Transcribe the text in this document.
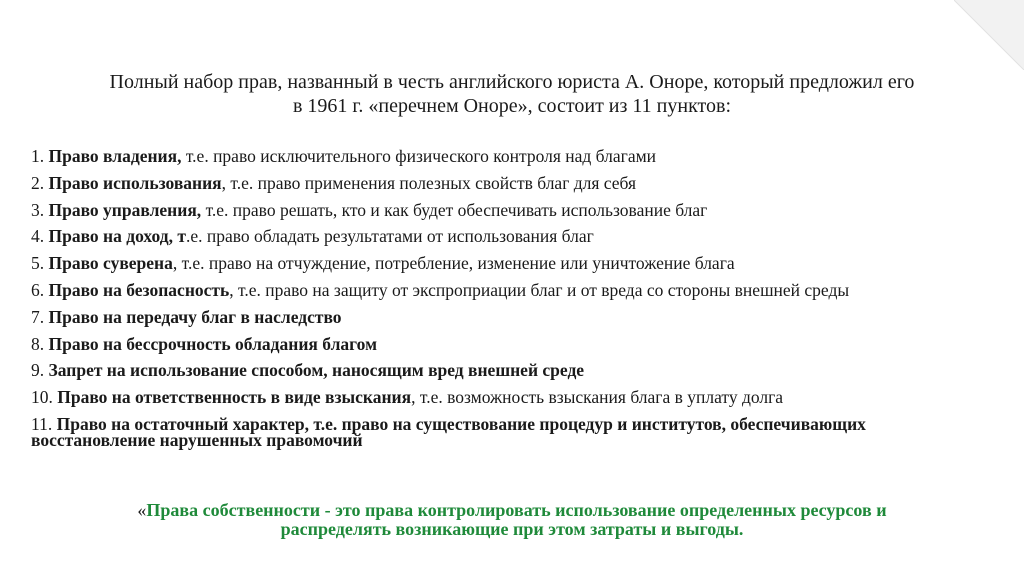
Полный набор прав, названный в честь английского юриста А. Оноре, который предложил его
в 1961 г. «перечнем Оноре», состоит из 11 пунктов:
1. Право владения, т.е. право исключительного физического контроля над благами
2. Право использования, т.е. право применения полезных свойств благ для себя
3. Право управления, т.е. право решать, кто и как будет обеспечивать использование благ
4. Право на доход, т.е. право обладать результатами от использования благ
5. Право суверена, т.е. право на отчуждение, потребление, изменение или уничтожение блага
6. Право на безопасность, т.е. право на защиту от экспроприации благ и от вреда со стороны внешней среды
7. Право на передачу благ в наследство
8. Право на бессрочность обладания благом
9. Запрет на использование способом, наносящим вред внешней среде
10. Право на ответственность в виде взыскания, т.е. возможность взыскания блага в уплату долга
11. Право на остаточный характер, т.е. право на существование процедур и институтов, обеспечивающих восстановление нарушенных правомочий
«Права собственности - это права контролировать использование определенных ресурсов и
распределять возникающие при этом затраты и выгоды.
